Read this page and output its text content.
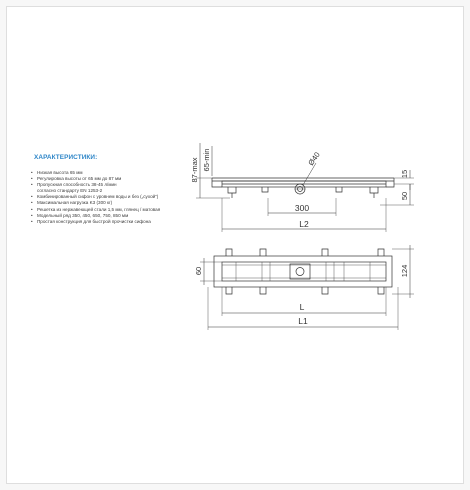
ХАРАКТЕРИСТИКИ:
• Низкая высота 65 мм
• Регулировка высоты от 65 мм до 87 мм
• Пропускная способность 38-45 л/мин
согласно стандарту EN 1253-2
• Комбинированный сифон с уровнем воды и без („сухой“)
• Максимальная нагрузка K3 (300 кг)
• Решетка из нержавеющей стали 1,5 мм, глянец / матовая
• Модельный ряд 350, 450, 650, 750, 850 мм
• Простая конструкция для быстрой прочистки сифона
87-max 65-min	Ø40
15
50
300
L2
60	124
L
L1
